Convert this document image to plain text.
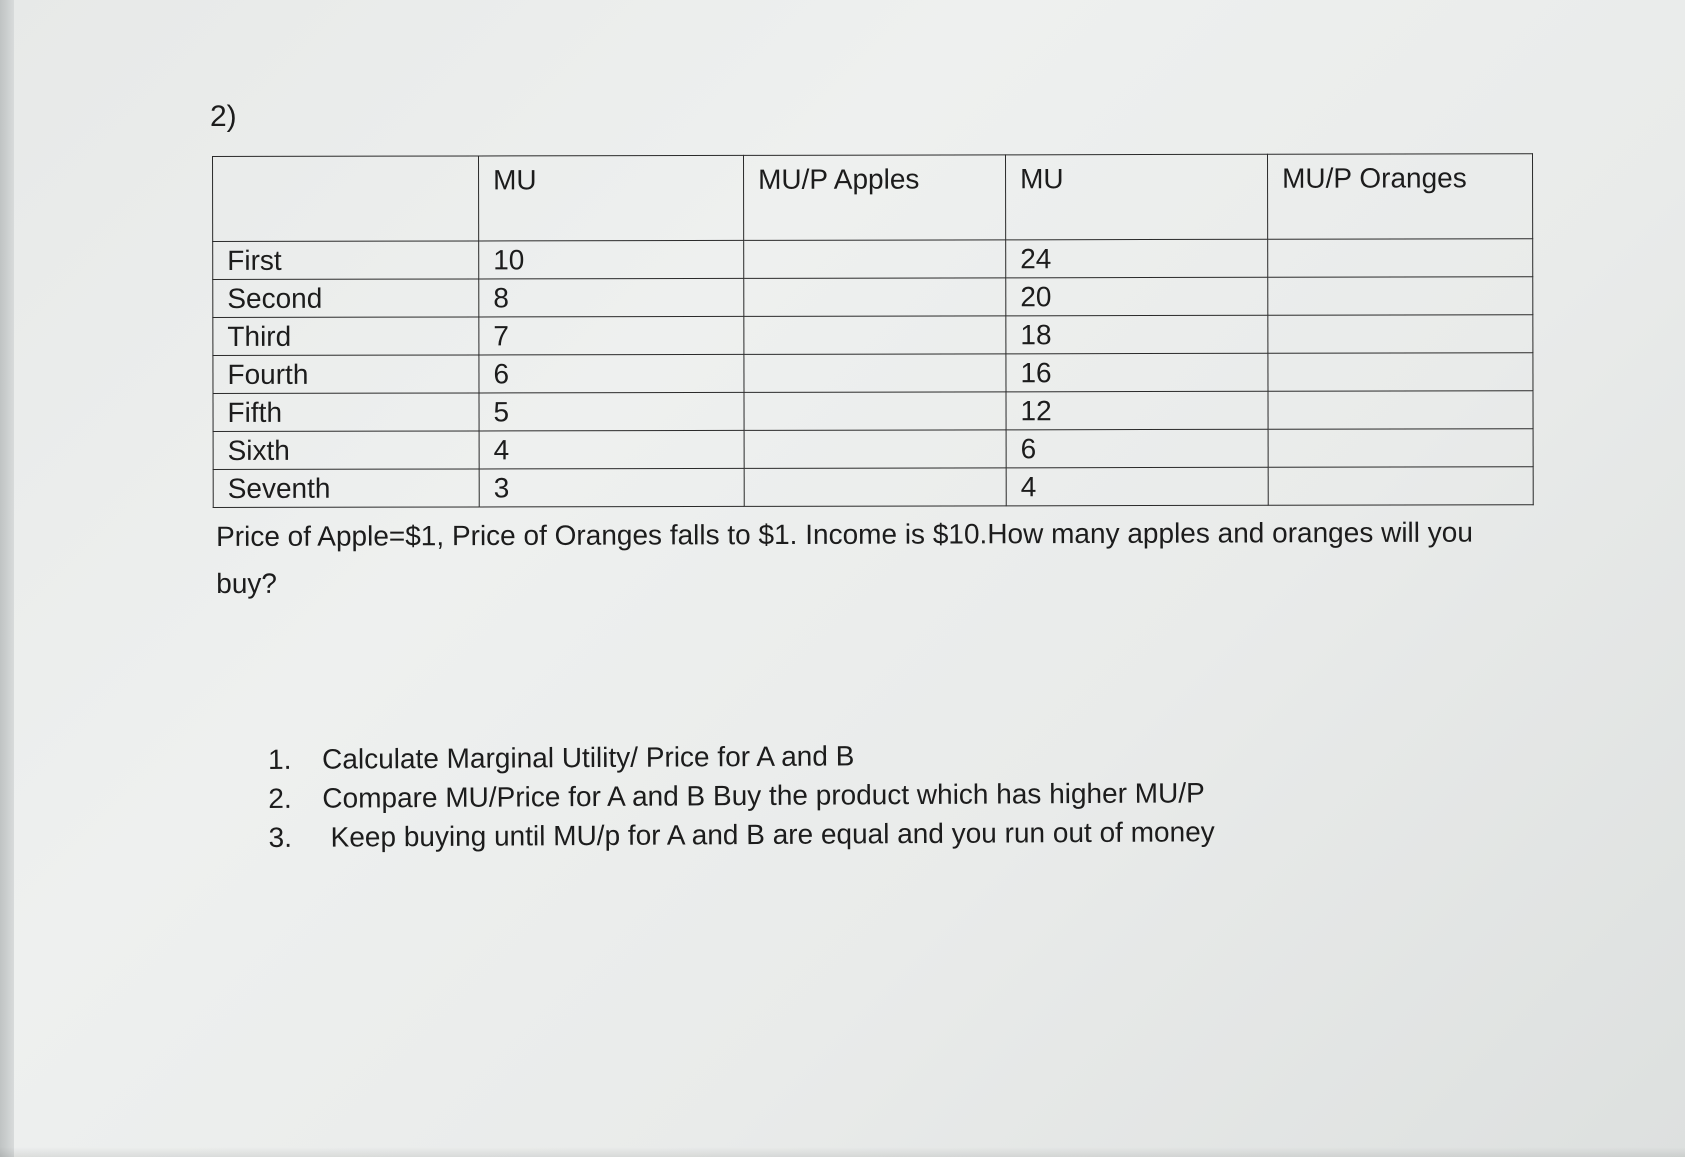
2)
	MU	MU/P Apples	MU	MU/P Oranges
First	10		24	
Second	8		20	
Third	7		18	
Fourth	6		16	
Fifth	5		12	
Sixth	4		6	
Seventh	3		4	
Price of Apple=$1, Price of Oranges falls to $1. Income is $10.How many apples and oranges will you buy?
1.	Calculate Marginal Utility/ Price for A and B
2.	Compare MU/Price for A and B Buy the product which has higher MU/P
3.	Keep buying until MU/p for A and B are equal and you run out of money
